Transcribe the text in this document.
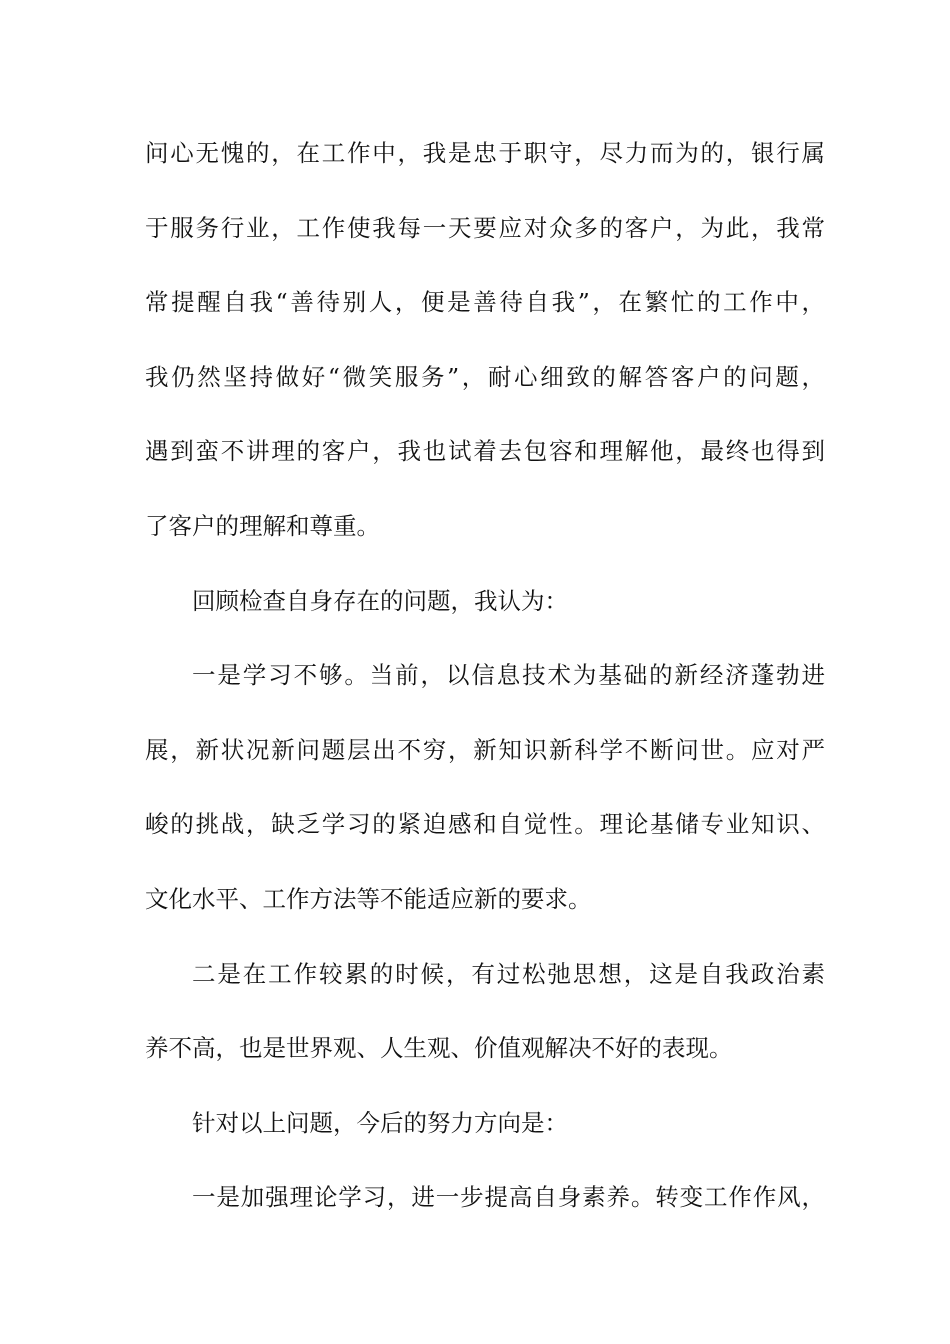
问心无愧的，在工作中，我是忠于职守，尽力而为的，银行属
于服务行业，工作使我每一天要应对众多的客户，为此，我常
常提醒自我“善待别人，便是善待自我”，在繁忙的工作中，
我仍然坚持做好“微笑服务”，耐心细致的解答客户的问题，
遇到蛮不讲理的客户，我也试着去包容和理解他，最终也得到
了客户的理解和尊重。
回顾检查自身存在的问题，我认为：
一是学习不够。当前，以信息技术为基础的新经济蓬勃进
展，新状况新问题层出不穷，新知识新科学不断问世。应对严
峻的挑战，缺乏学习的紧迫感和自觉性。理论基储专业知识、
文化水平、工作方法等不能适应新的要求。
二是在工作较累的时候，有过松弛思想，这是自我政治素
养不高，也是世界观、人生观、价值观解决不好的表现。
针对以上问题，今后的努力方向是：
一是加强理论学习，进一步提高自身素养。转变工作作风，
